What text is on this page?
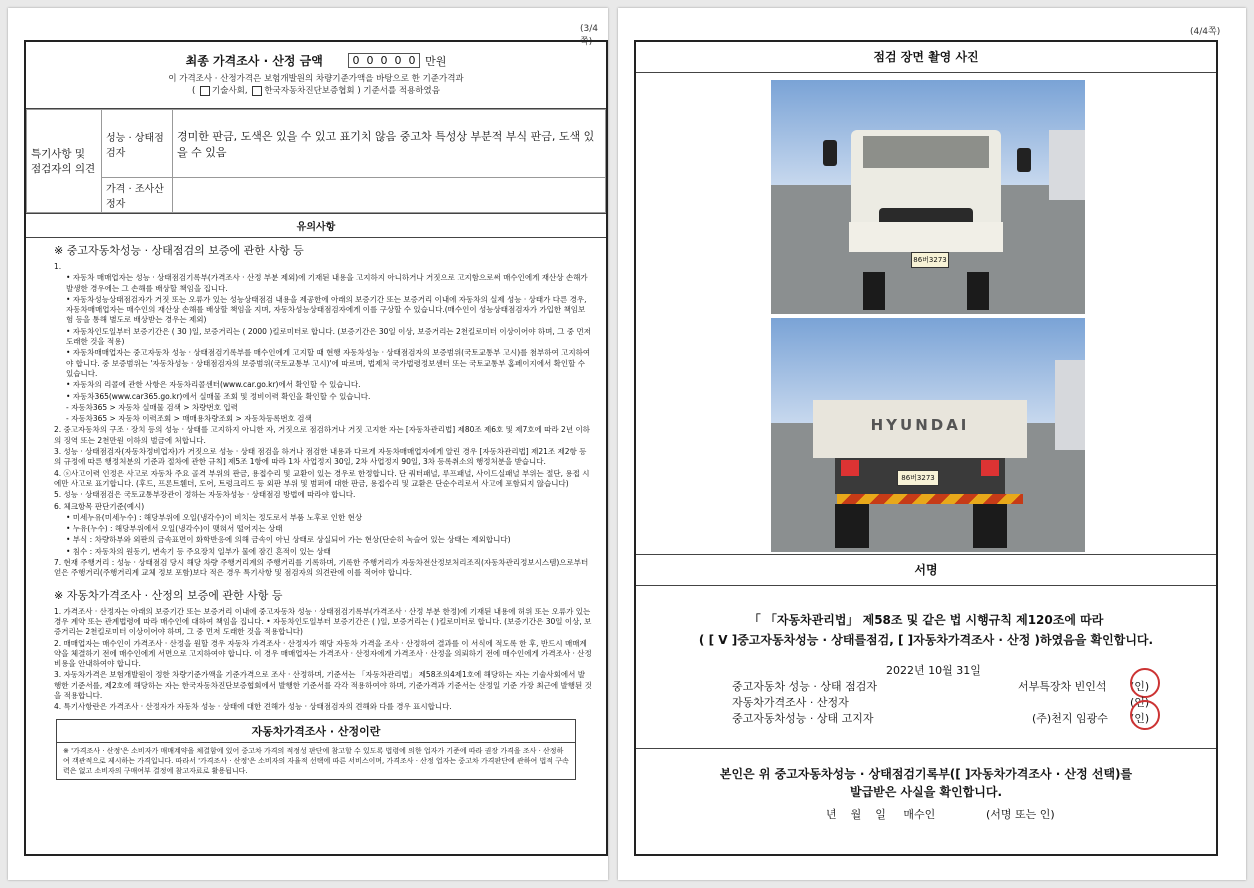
(3/4쪽)
최종 가격조사 · 산정 금액	0 0 0 0 0 만원
이 가격조사 · 산정가격은 보험개발원의 차량기준가액을 바탕으로 한 기준가격과
( 기술사회, 한국자동차진단보증협회 ) 기준서를 적용하였음
특기사항 및 점검자의 의견	성능 · 상태점검자	경미한 판금, 도색은 있을 수 있고 표기치 않음 중고차 특성상 부분적 부식 판금, 도색 있을 수 있음
	가격 · 조사산정자	
유의사항
※ 중고자동차성능 · 상태점검의 보증에 관한 사항 등
1.
• 자동차 매매업자는 성능 · 상태점검기록부(가격조사 · 산정 부분 제외)에 기재된 내용을 고지하지 아니하거나 거짓으로 고지함으로써 매수인에게 재산상 손해가 발생한 경우에는 그 손해를 배상할 책임을 집니다.
• 자동차성능상태점검자가 거짓 또는 오류가 있는 성능상태점검 내용을 제공한에 아래의 보증기간 또는 보증거리 이내에 자동차의 실제 성능 · 상태가 다른 경우, 자동차매매업자는 매수인의 재산상 손해를 배상할 책임을 지며, 자동차성능상태점검자에게 이를 구상할 수 있습니다.(매수인이 성능상태점검자가 가입한 책임보험 등을 통해 별도로 배상받는 경우는 제외)
• 자동차인도일부터 보증기간은 ( 30 )일, 보증거리는 ( 2000 )킬로미터로 합니다. (보증기간은 30일 이상, 보증거리는 2천킬로미터 이상이어야 하며, 그 중 먼저 도래한 것을 적용)
• 자동차매매업자는 중고자동차 성능 · 상태점검기록부를 매수인에게 고지할 때 현행 자동차성능 · 상태점검자의 보증범위(국토교통부 고시)를 첨부하여 고지하여야 합니다. 중 보증범위는 '자동차성능 · 상태점검자의 보증범위(국토교통부 고시)'에 따르며, 법제처 국가법령정보센터 또는 국토교통부 홈페이지에서 확인할 수 있습니다.
• 자동차의 리콜에 관한 사항은 자동차리콜센터(www.car.go.kr)에서 확인할 수 있습니다.
• 자동차365(www.car365.go.kr)에서 실매물 조회 및 정비이력 확인을 확인할 수 있습니다.
- 자동차365 > 자동차 실매물 검색 > 차량번호 입력
- 자동차365 > 자동차 이력조회 > 매매용차량조회 > 자동차등록번호 검색
2. 중고자동차의 구조 · 장치 등의 성능 · 상태를 고지하지 아니한 자, 거짓으로 점검하거나 거짓 고지한 자는 [자동차관리법] 제80조 제6호 및 제7호에 따라 2년 이하의 징역 또는 2천만원 이하의 벌금에 처합니다.
3. 성능 · 상태점검자(자동차정비업자)가 거짓으로 성능 · 상태 점검을 하거나 점검한 내용과 다르게 자동차매매업자에게 알린 경우 [자동차관리법] 제21조 제2항 등의 규정에 따른 행정처분의 기준과 절차에 관한 규칙] 제5조 1항에 따라 1차 사업정지 30일, 2차 사업정지 90일, 3차 등록취소의 행정처분을 받습니다.
4. ⓢ사고이력 인정은 사고로 자동차 주요 골격 부위의 판금, 용접수리 및 교환이 있는 경우로 한정합니다. 단 쿼터패널, 루프패널, 사이드실패널 부위는 절단, 용접 시에만 사고로 표기합니다. (후드, 프론트휀더, 도어, 트렁크리드 등 외판 부위 및 범퍼에 대한 판금, 용접수리 및 교환은 단순수리로서 사고에 포함되지 않습니다)
5. 성능 · 상태점검은 국토교통부장관이 정하는 자동차성능 · 상태점검 방법에 따라야 합니다.
6. 체크항목 판단기준(예시)
• 미세누유(미세누수) : 해당부위에 오일(냉각수)이 비치는 정도로서 부품 노후로 인한 현상
• 누유(누수) : 해당부위에서 오일(냉각수)이 맺혀서 떨어지는 상태
• 부식 : 차량하부와 외판의 금속표면이 화학반응에 의해 금속이 아닌 상태로 상실되어 가는 현상(단순히 녹슬어 있는 상태는 제외합니다)
• 침수 : 자동차의 원동기, 변속기 등 주요장치 일부가 물에 잠긴 흔적이 있는 상태
7. 현재 주행거리 : 성능 · 상태점검 당시 해당 차량 주행거리계의 주행거리를 기록하며, 기록한 주행거리가 자동차전산정보처리조직(자동차관리정보시스템)으로부터 얻은 주행거리(주행거리계 교체 정보 포함)보다 적은 경우 특기사항 및 점검자의 의견란에 이를 적어야 합니다.
※ 자동차가격조사 · 산정의 보증에 관한 사항 등
1. 가격조사 · 산정자는 아래의 보증기간 또는 보증거리 이내에 중고자동차 성능 · 상태점검기록부(가격조사 · 산정 부분 한정)에 기재된 내용에 허위 또는 오류가 있는 경우 계약 또는 관계법령에 따라 매수인에 대하여 책임을 집니다. • 자동차인도일부터 보증기간은 ( )일, 보증거리는 ( )킬로미터로 합니다. (보증기간은 30일 이상, 보증거리는 2천킬로미터 이상이어야 하며, 그 중 먼저 도래한 것을 적용합니다)
2. 매매업자는 매수인이 가격조사 · 산정을 원할 경우 자동차 가격조사 · 산정자가 해당 자동차 가격을 조사 · 산정하여 결과를 이 서식에 적도록 한 후, 반드시 매매계약을 체결하기 전에 매수인에게 서면으로 고지하여야 합니다. 이 경우 매매업자는 가격조사 · 산정자에게 가격조사 · 산정을 의뢰하기 전에 매수인에게 가격조사 · 산정 비용을 안내하여야 합니다.
3. 자동차가격은 보험개발원이 정한 차량기준가액을 기준가격으로 조사 · 산정하며, 기준서는 「자동차관리법」 제58조의4제1호에 해당하는 자는 기술사회에서 발행한 기준서를, 제2호에 해당하는 자는 한국자동차진단보증협회에서 발행한 기준서를 각각 적용하여야 하며, 기준가격과 기준서는 산정일 기준 가장 최근에 발행된 것을 적용합니다.
4. 특기사항란은 가격조사 · 산정자가 자동차 성능 · 상태에 대한 견해가 성능 · 상태점검자의 견해와 다를 경우 표시합니다.
자동차가격조사 · 산정이란
※ '가격조사 · 산정'은 소비자가 매매계약을 체결함에 있어 중고차 가격의 적정성 판단에 참고할 수 있도록 법령에 의한 업자가 기준에 따라 권장 가격을 조사 · 산정하여 객관적으로 제시하는 가격입니다. 따라서 '가격조사 · 산정'은 소비자의 자율적 선택에 따른 서비스이며, 가격조사 · 산정 업자는 중고차 가격판단에 관하여 법적 구속력은 없고 소비자의 구매여부 결정에 참고자료로 활용됩니다.
(4/4쪽)
점검 장면 촬영 사진
86버3273
HYUNDAI
86버3273
서명
「 「자동차관리법」 제58조 및 같은 법 시행규칙 제120조에 따라
( [ V ]중고자동차성능 · 상태를점검, [ ]자동차가격조사 · 산정 )하였음을 확인합니다.
2022년 10월 31일
중고자동차 성능 · 상태 점검자	서부특장차 빈인석 (인)
자동차가격조사 · 산정자	(인)
중고자동차성능 · 상태 고지자	(주)천지 임광수 (인)
본인은 위 중고자동차성능 · 상태점검기록부([ ]자동차가격조사 · 산정 선택)를
발급받은 사실을 확인합니다.
년    월    일     매수인	(서명 또는 인)
